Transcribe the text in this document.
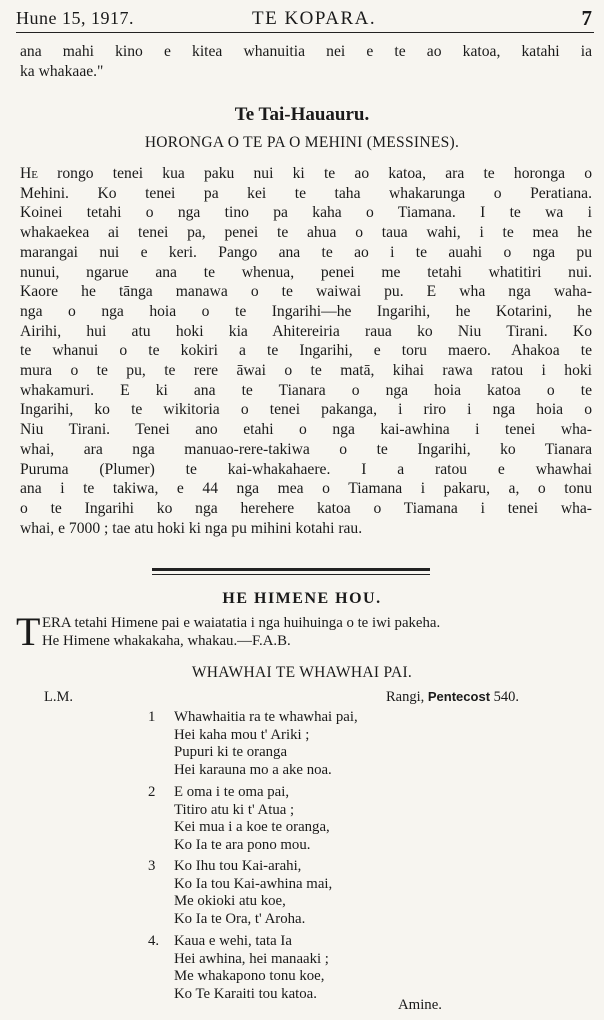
Hune 15, 1917.	TE KOPARA.	7
ana mahi kino e kitea whanuitia nei e te ao katoa, katahi ia
ka whakaae."
Te Tai-Hauauru.
HORONGA O TE PA O MEHINI (MESSINES).
He rongo tenei kua paku nui ki te ao katoa, ara te horonga o
Mehini. Ko tenei pa kei te taha whakarunga o Peratiana.
Koinei tetahi o nga tino pa kaha o Tiamana. I te wa i
whakaekea ai tenei pa, penei te ahua o taua wahi, i te mea he
marangai nui e keri. Pango ana te ao i te auahi o nga pu
nunui, ngarue ana te whenua, penei me tetahi whatitiri nui.
Kaore he tānga manawa o te waiwai pu. E wha nga waha-
nga o nga hoia o te Ingarihi—he Ingarihi, he Kotarini, he
Airihi, hui atu hoki kia Ahitereiria raua ko Niu Tirani. Ko
te whanui o te kokiri a te Ingarihi, e toru maero. Ahakoa te
mura o te pu, te rere āwai o te matā, kihai rawa ratou i hoki
whakamuri. E ki ana te Tianara o nga hoia katoa o te
Ingarihi, ko te wikitoria o tenei pakanga, i riro i nga hoia o
Niu Tirani. Tenei ano etahi o nga kai-awhina i tenei wha-
whai, ara nga manuao-rere-takiwa o te Ingarihi, ko Tianara
Puruma (Plumer) te kai-whakahaere. I a ratou e whawhai
ana i te takiwa, e 44 nga mea o Tiamana i pakaru, a, o tonu
o te Ingarihi ko nga herehere katoa o Tiamana i tenei wha-
whai, e 7000 ; tae atu hoki ki nga pu mihini kotahi rau.
HE HIMENE HOU.
T ERA tetahi Himene pai e waiatatia i nga huihuinga o te iwi pakeha.
He Himene whakakaha, whakau.—F.A.B.
WHAWHAI TE WHAWHAI PAI.
L.M.	Rangi, Pentecost 540.
1	Whawhaitia ra te whawhai pai,
Hei kaha mou t' Ariki ;
Pupuri ki te oranga
Hei karauna mo a ake noa.
2	E oma i te oma pai,
Titiro atu ki t' Atua ;
Kei mua i a koe te oranga,
Ko Ia te ara pono mou.
3	Ko Ihu tou Kai-arahi,
Ko Ia tou Kai-awhina mai,
Me okioki atu koe,
Ko Ia te Ora, t' Aroha.
4.	Kaua e wehi, tata Ia
Hei awhina, hei manaaki ;
Me whakapono tonu koe,
Ko Te Karaiti tou katoa.
Amine.
